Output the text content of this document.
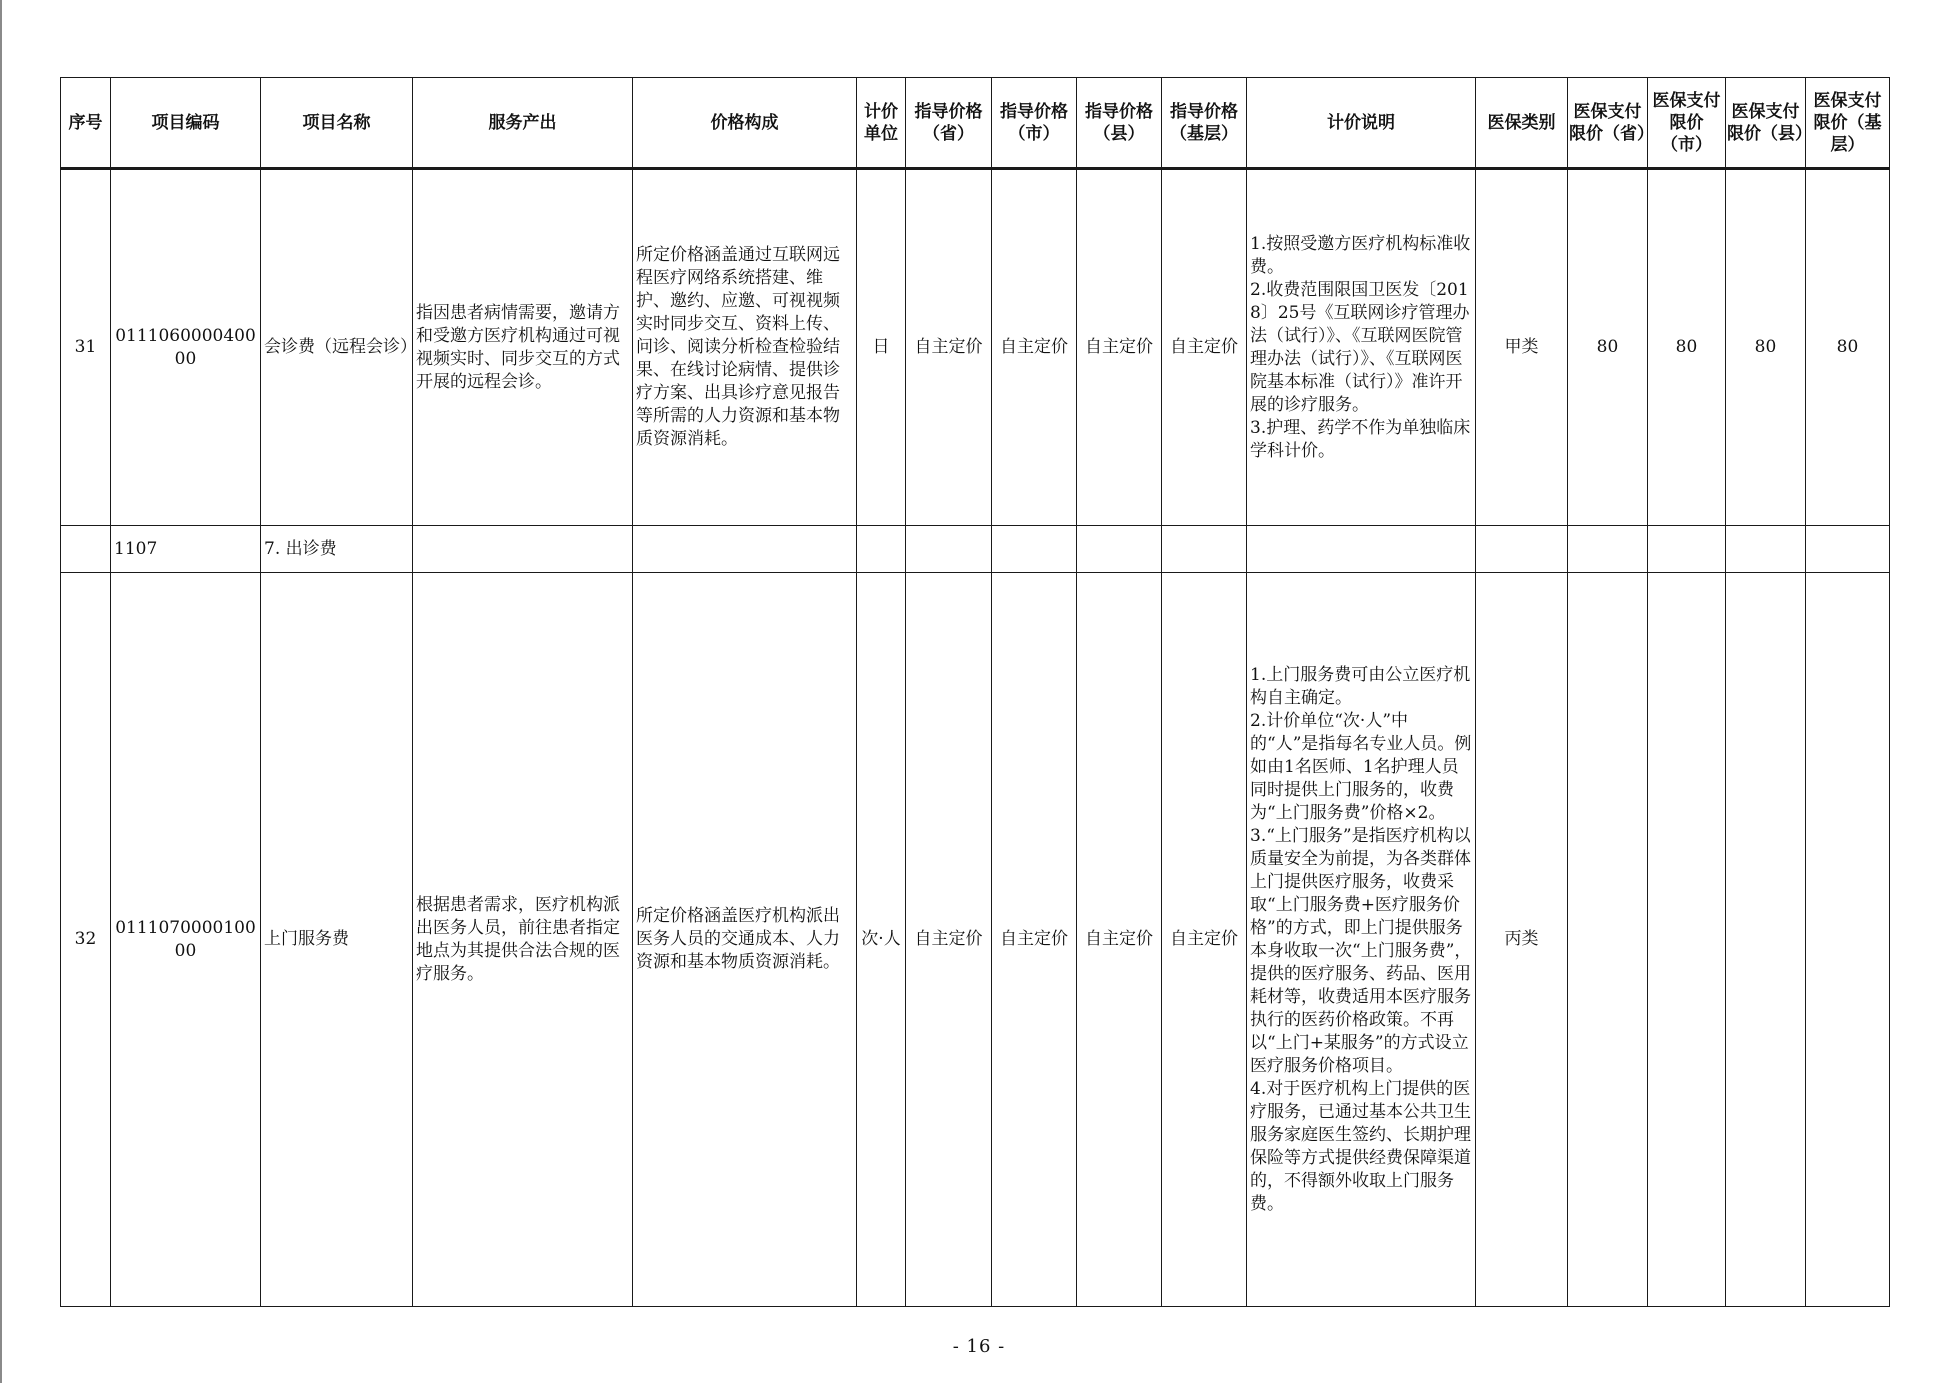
序号	项目编码	项目名称	服务产出	价格构成	计价单位	指导价格（省）	指导价格（市）	指导价格（县）	指导价格（基层）	计价说明	医保类别	医保支付限价（省）	医保支付限价（市）	医保支付限价（县）	医保支付限价（基层）
31	011106000040000	会诊费（远程会诊）	指因患者病情需要，邀请方和受邀方医疗机构通过可视视频实时、同步交互的方式开展的远程会诊。	所定价格涵盖通过互联网远程医疗网络系统搭建、维护、邀约、应邀、可视视频实时同步交互、资料上传、问诊、阅读分析检查检验结果、在线讨论病情、提供诊疗方案、出具诊疗意见报告等所需的人力资源和基本物质资源消耗。	日	自主定价	自主定价	自主定价	自主定价	1.按照受邀方医疗机构标准收费。
2.收费范围限国卫医发〔2018〕25号《互联网诊疗管理办法（试行）》、《互联网医院管理办法（试行）》、《互联网医院基本标准（试行）》准许开展的诊疗服务。
3.护理、药学不作为单独临床学科计价。	甲类	80	80	80	80
	1107	7. 出诊费													
32	011107000010000	上门服务费	根据患者需求，医疗机构派出医务人员，前往患者指定地点为其提供合法合规的医疗服务。	所定价格涵盖医疗机构派出医务人员的交通成本、人力资源和基本物质资源消耗。	次·人	自主定价	自主定价	自主定价	自主定价	1.上门服务费可由公立医疗机构自主确定。
2.计价单位“次·人”中的“人”是指每名专业人员。例如由1名医师、1名护理人员同时提供上门服务的，收费为“上门服务费”价格×2。
3.“上门服务”是指医疗机构以质量安全为前提，为各类群体上门提供医疗服务，收费采取“上门服务费+医疗服务价格”的方式，即上门提供服务本身收取一次“上门服务费”，提供的医疗服务、药品、医用耗材等，收费适用本医疗服务执行的医药价格政策。不再以“上门+某服务”的方式设立医疗服务价格项目。
4.对于医疗机构上门提供的医疗服务，已通过基本公共卫生服务家庭医生签约、长期护理保险等方式提供经费保障渠道的，不得额外收取上门服务费。	丙类				
- 16 -
